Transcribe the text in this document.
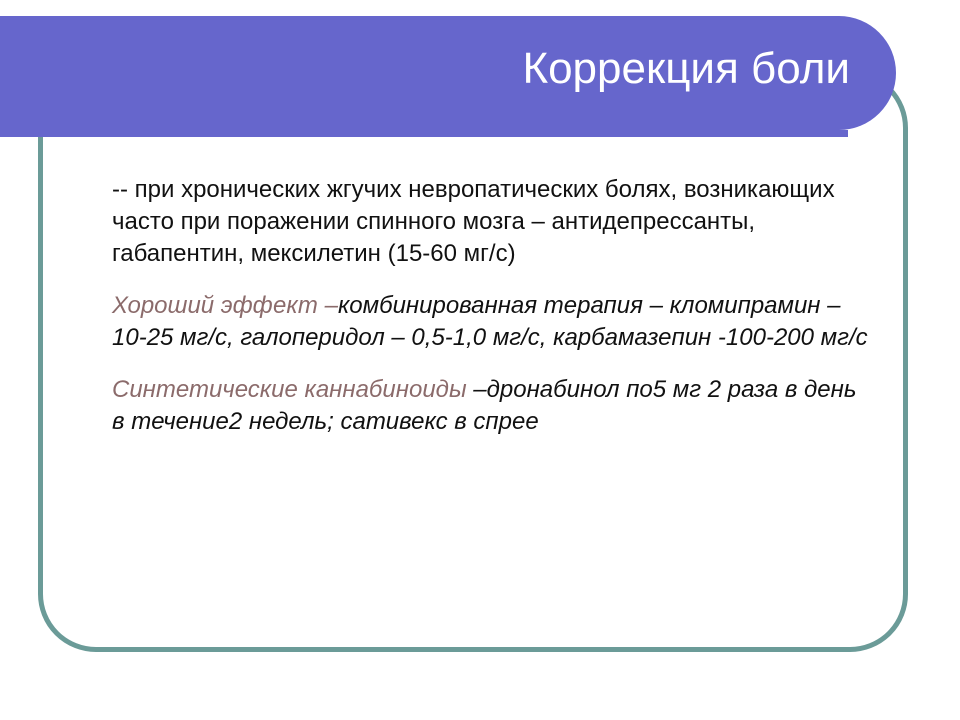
Коррекция боли

-- при хронических жгучих невропатических болях, возникающих часто при поражении спинного мозга – антидепрессанты, габапентин, мексилетин (15-60 мг/с)

Хороший эффект –комбинированная терапия – кломипрамин – 10-25 мг/с, галоперидол – 0,5-1,0 мг/с, карбамазепин -100-200 мг/с

Синтетические каннабиноиды –дронабинол по5 мг 2 раза в день в течение2 недель; сативекс в спрее
